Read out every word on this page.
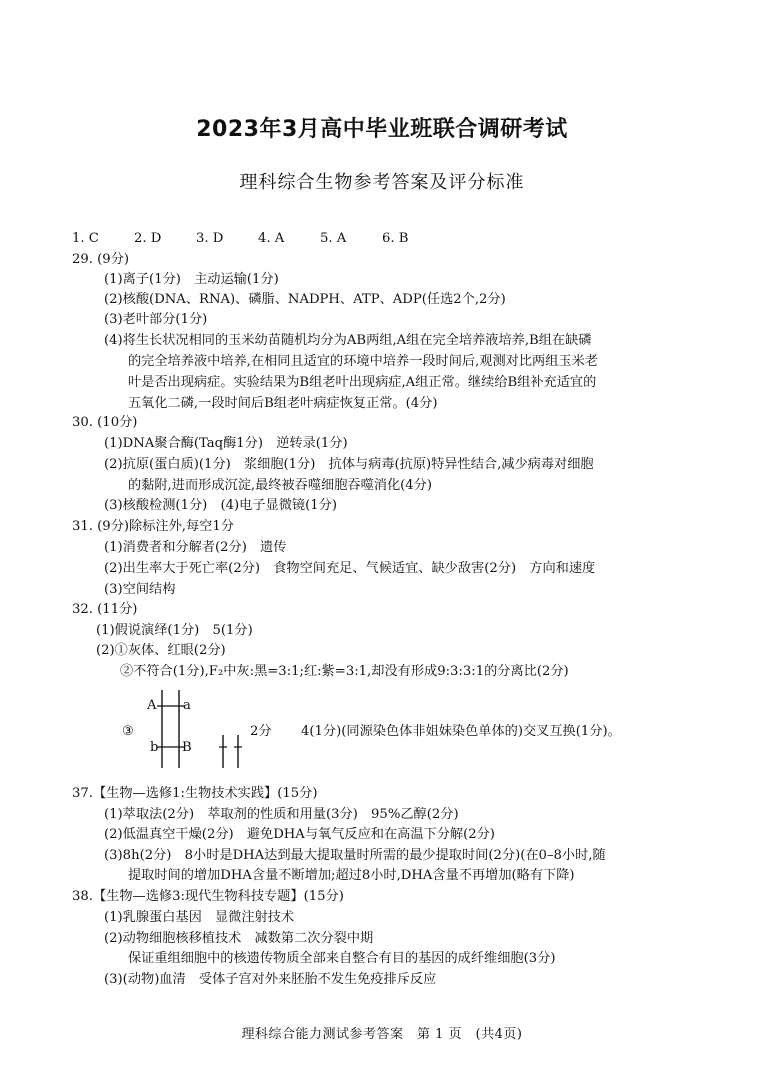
2023年3月高中毕业班联合调研考试
理科综合生物参考答案及评分标准
1. C	2. D	3. D	4. A	5. A	6. B
29. (9分)
(1)离子(1分)　主动运输(1分)
(2)核酸(DNA、RNA)、磷脂、NADPH、ATP、ADP(任选2个,2分)
(3)老叶部分(1分)
(4)将生长状况相同的玉米幼苗随机均分为AB两组,A组在完全培养液培养,B组在缺磷
的完全培养液中培养,在相同且适宜的环境中培养一段时间后,观测对比两组玉米老
叶是否出现病症。实验结果为B组老叶出现病症,A组正常。继续给B组补充适宜的
五氧化二磷,一段时间后B组老叶病症恢复正常。(4分)
30. (10分)
(1)DNA聚合酶(Taq酶1分)　逆转录(1分)
(2)抗原(蛋白质)(1分)　浆细胞(1分)　抗体与病毒(抗原)特异性结合,减少病毒对细胞
的黏附,进而形成沉淀,最终被吞噬细胞吞噬消化(4分)
(3)核酸检测(1分)　(4)电子显微镜(1分)
31. (9分)除标注外,每空1分
(1)消费者和分解者(2分)　遗传
(2)出生率大于死亡率(2分)　食物空间充足、气候适宜、缺少敌害(2分)　方向和速度
(3)空间结构
32. (11分)
(1)假说演绎(1分)　5(1分)
(2)①灰体、红眼(2分)
②不符合(1分),F₂中灰:黑=3:1;红:紫=3:1,却没有形成9:3:3:1的分离比(2分)
③
A a
b B
2分 4(1分)(同源染色体非姐妹染色单体的)交叉互换(1分)。
37.【生物—选修1:生物技术实践】(15分)
(1)萃取法(2分)　萃取剂的性质和用量(3分)　95%乙醇(2分)
(2)低温真空干燥(2分)　避免DHA与氧气反应和在高温下分解(2分)
(3)8h(2分)　8小时是DHA达到最大提取量时所需的最少提取时间(2分)(在0–8小时,随
提取时间的增加DHA含量不断增加;超过8小时,DHA含量不再增加(略有下降)
38.【生物—选修3:现代生物科技专题】(15分)
(1)乳腺蛋白基因　显微注射技术
(2)动物细胞核移植技术　减数第二次分裂中期
保证重组细胞中的核遗传物质全部来自整合有目的基因的成纤维细胞(3分)
(3)(动物)血清　受体子宫对外来胚胎不发生免疫排斥反应
理科综合能力测试参考答案　第 1 页　(共4页)
